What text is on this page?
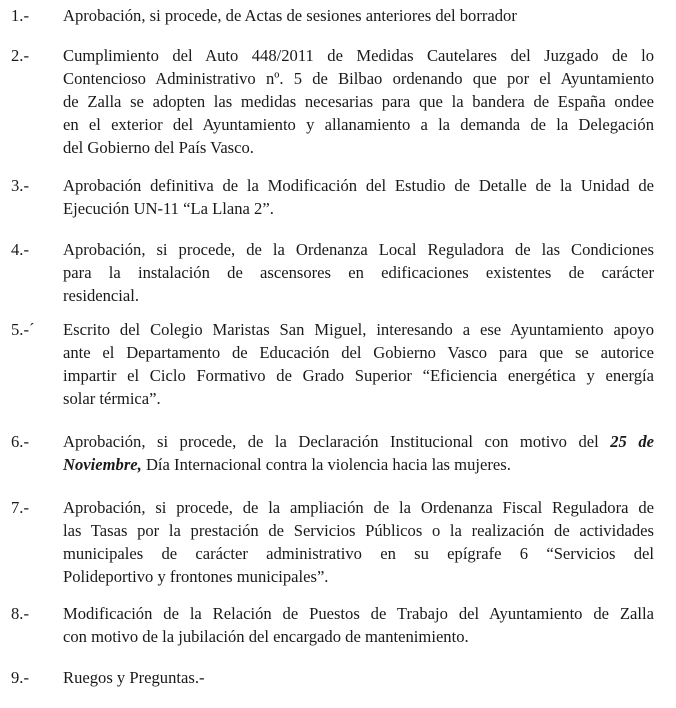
1.- Aprobación, si procede, de Actas de sesiones anteriores del borrador
2.- Cumplimiento del Auto 448/2011 de Medidas Cautelares del Juzgado de lo
Contencioso Administrativo nº. 5 de Bilbao ordenando que por el Ayuntamiento
de Zalla se adopten las medidas necesarias para que la bandera de España ondee
en el exterior del Ayuntamiento y allanamiento a la demanda de la Delegación
del Gobierno del País Vasco.
3.- Aprobación definitiva de la Modificación del Estudio de Detalle de la Unidad de
Ejecución UN-11 “La Llana 2”.
4.- Aprobación, si procede, de la Ordenanza Local Reguladora de las Condiciones
para la instalación de ascensores en edificaciones existentes de carácter
residencial.
5.-´ Escrito del Colegio Maristas San Miguel, interesando a ese Ayuntamiento apoyo
ante el Departamento de Educación del Gobierno Vasco para que se autorice
impartir el Ciclo Formativo de Grado Superior “Eficiencia energética y energía
solar térmica”.
6.- Aprobación, si procede, de la Declaración Institucional con motivo del 25 de
Noviembre, Día Internacional contra la violencia hacia las mujeres.
7.- Aprobación, si procede, de la ampliación de la Ordenanza Fiscal Reguladora de
las Tasas por la prestación de Servicios Públicos o la realización de actividades
municipales de carácter administrativo en su epígrafe 6 “Servicios del
Polideportivo y frontones municipales”.
8.- Modificación de la Relación de Puestos de Trabajo del Ayuntamiento de Zalla
con motivo de la jubilación del encargado de mantenimiento.
9.- Ruegos y Preguntas.-
